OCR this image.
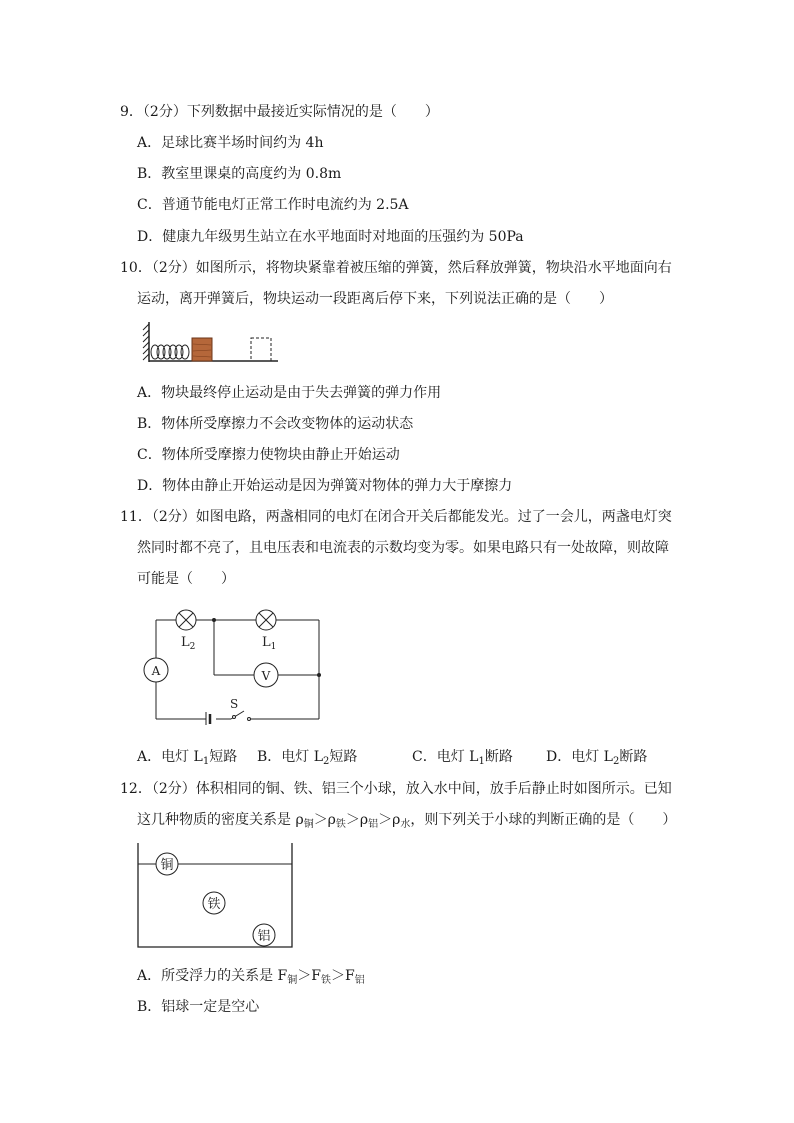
9．（2分）下列数据中最接近实际情况的是（　　）
A．足球比赛半场时间约为 4h
B．教室里课桌的高度约为 0.8m
C．普通节能电灯正常工作时电流约为 2.5A
D．健康九年级男生站立在水平地面时对地面的压强约为 50Pa
10．（2分）如图所示，将物块紧靠着被压缩的弹簧，然后释放弹簧，物块沿水平地面向右
运动，离开弹簧后，物块运动一段距离后停下来，下列说法正确的是（　　）
A．物块最终停止运动是由于失去弹簧的弹力作用
B．物体所受摩擦力不会改变物体的运动状态
C．物体所受摩擦力使物块由静止开始运动
D．物体由静止开始运动是因为弹簧对物体的弹力大于摩擦力
11．（2分）如图电路，两盏相同的电灯在闭合开关后都能发光。过了一会儿，两盏电灯突
然同时都不亮了，且电压表和电流表的示数均变为零。如果电路只有一处故障，则故障
可能是（　　）
$L_2$	$L_1$
A	V
S
A．电灯 $L_1$短路 B．电灯 $L_2$短路	C．电灯 $L_1$断路 D．电灯 $L_2$断路
12．（2分）体积相同的铜、铁、铝三个小球，放入水中间，放手后静止时如图所示。已知
这几种物质的密度关系是 $\rho_铜>\rho_铁>\rho_铝>\rho_水$，则下列关于小球的判断正确的是（　　）
铜
铁
铝
A．所受浮力的关系是 $F_铜>F_铁>F_铝$
B．铝球一定是空心
